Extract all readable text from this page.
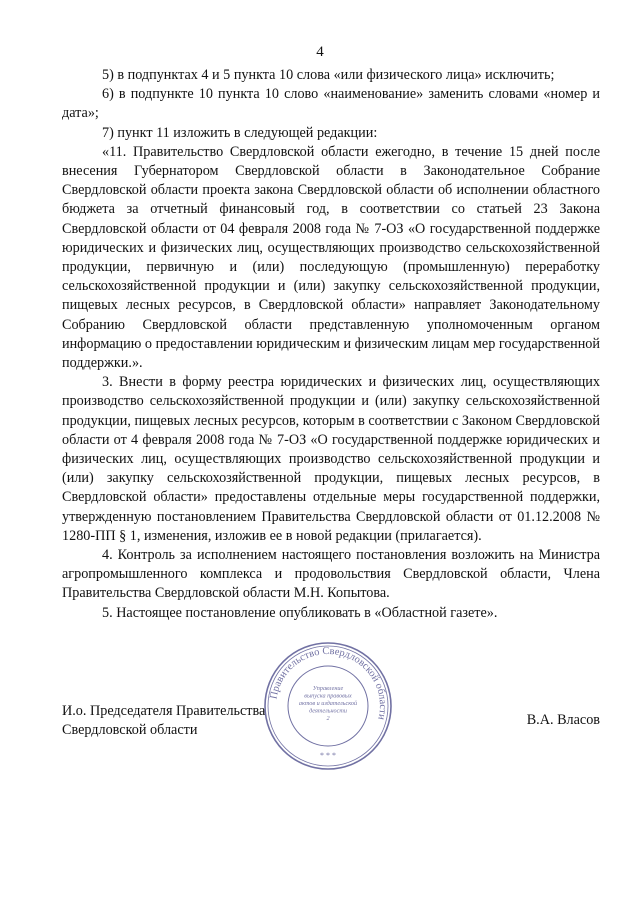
4

5) в подпунктах 4 и 5 пункта 10 слова «или физического лица» исключить;

6) в подпункте 10 пункта 10 слово «наименование» заменить словами «номер и дата»;

7) пункт 11 изложить в следующей редакции:

«11. Правительство Свердловской области ежегодно, в течение 15 дней после внесения Губернатором Свердловской области в Законодательное Собрание Свердловской области проекта закона Свердловской области об исполнении областного бюджета за отчетный финансовый год, в соответствии со статьей 23 Закона Свердловской области от 04 февраля 2008 года № 7-ОЗ «О государственной поддержке юридических и физических лиц, осуществляющих производство сельскохозяйственной продукции, первичную и (или) последующую (промышленную) переработку сельскохозяйственной продукции и (или) закупку сельскохозяйственной продукции, пищевых лесных ресурсов, в Свердловской области» направляет Законодательному Собранию Свердловской области представленную уполномоченным органом информацию о предоставлении юридическим и физическим лицам мер государственной поддержки.».

3. Внести в форму реестра юридических и физических лиц, осуществляющих производство сельскохозяйственной продукции и (или) закупку сельскохозяйственной продукции, пищевых лесных ресурсов, которым в соответствии с Законом Свердловской области от 4 февраля 2008 года № 7-ОЗ «О государственной поддержке юридических и физических лиц, осуществляющих производство сельскохозяйственной продукции и (или) закупку сельскохозяйственной продукции, пищевых лесных ресурсов, в Свердловской области» предоставлены отдельные меры государственной поддержки, утвержденную постановлением Правительства Свердловской области от 01.12.2008 № 1280-ПП § 1, изменения, изложив ее в новой редакции (прилагается).

4. Контроль за исполнением настоящего постановления возложить на Министра агропромышленного комплекса и продовольствия Свердловской области, Члена Правительства Свердловской области М.Н. Копытова.

5. Настоящее постановление опубликовать в «Областной газете».

И.о. Председателя Правительства
Свердловской области
В.А. Власов
Правительство Свердловской области
Управление
выпуска правовых
актов и издательской
деятельности
2
* * *
